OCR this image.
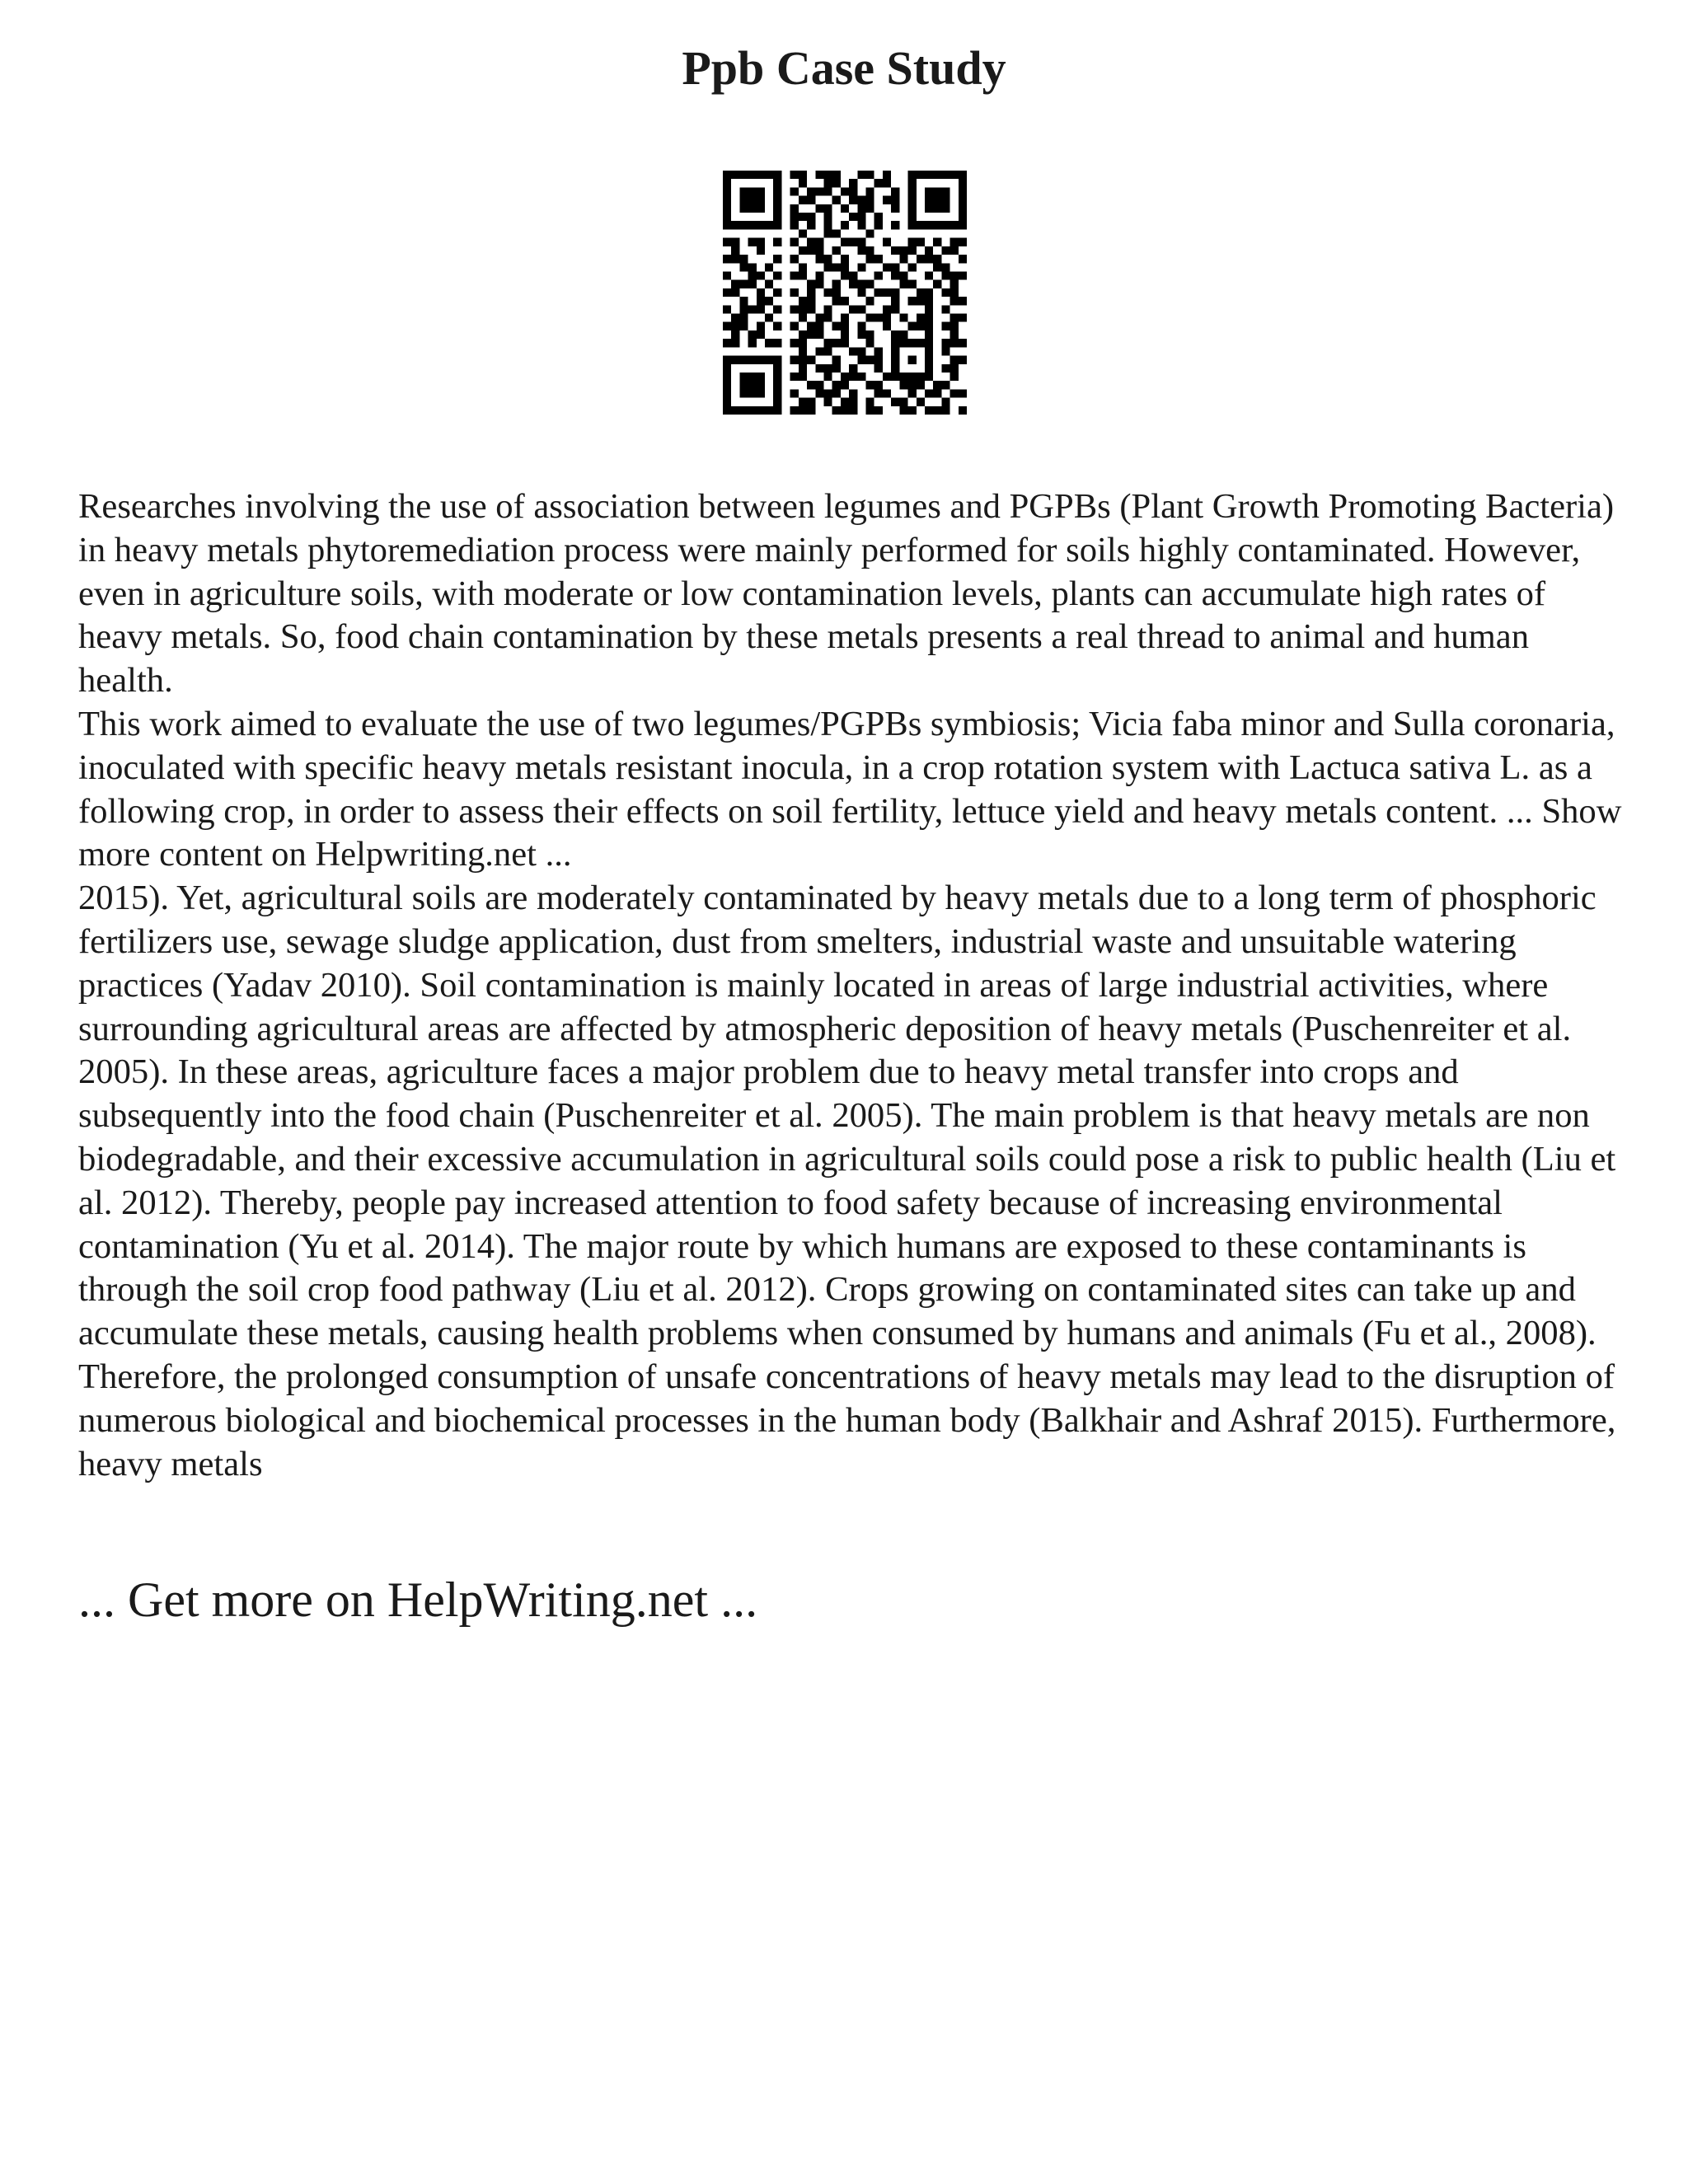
Ppb Case Study

Researches involving the use of association between legumes and PGPBs (Plant Growth Promoting Bacteria) in heavy metals phytoremediation process were mainly performed for soils highly contaminated. However, even in agriculture soils, with moderate or low contamination levels, plants can accumulate high rates of heavy metals. So, food chain contamination by these metals presents a real thread to animal and human health.

This work aimed to evaluate the use of two legumes/PGPBs symbiosis; Vicia faba minor and Sulla coronaria, inoculated with specific heavy metals resistant inocula, in a crop rotation system with Lactuca sativa L. as a following crop, in order to assess their effects on soil fertility, lettuce yield and heavy metals content. ... Show more content on Helpwriting.net ...

2015). Yet, agricultural soils are moderately contaminated by heavy metals due to a long term of phosphoric fertilizers use, sewage sludge application, dust from smelters, industrial waste and unsuitable watering practices (Yadav 2010). Soil contamination is mainly located in areas of large industrial activities, where surrounding agricultural areas are affected by atmospheric deposition of heavy metals (Puschenreiter et al. 2005). In these areas, agriculture faces a major problem due to heavy metal transfer into crops and subsequently into the food chain (Puschenreiter et al. 2005). The main problem is that heavy metals are non biodegradable, and their excessive accumulation in agricultural soils could pose a risk to public health (Liu et al. 2012). Thereby, people pay increased attention to food safety because of increasing environmental contamination (Yu et al. 2014). The major route by which humans are exposed to these contaminants is through the soil crop food pathway (Liu et al. 2012). Crops growing on contaminated sites can take up and accumulate these metals, causing health problems when consumed by humans and animals (Fu et al., 2008). Therefore, the prolonged consumption of unsafe concentrations of heavy metals may lead to the disruption of numerous biological and biochemical processes in the human body (Balkhair and Ashraf 2015). Furthermore, heavy metals

... Get more on HelpWriting.net ...
